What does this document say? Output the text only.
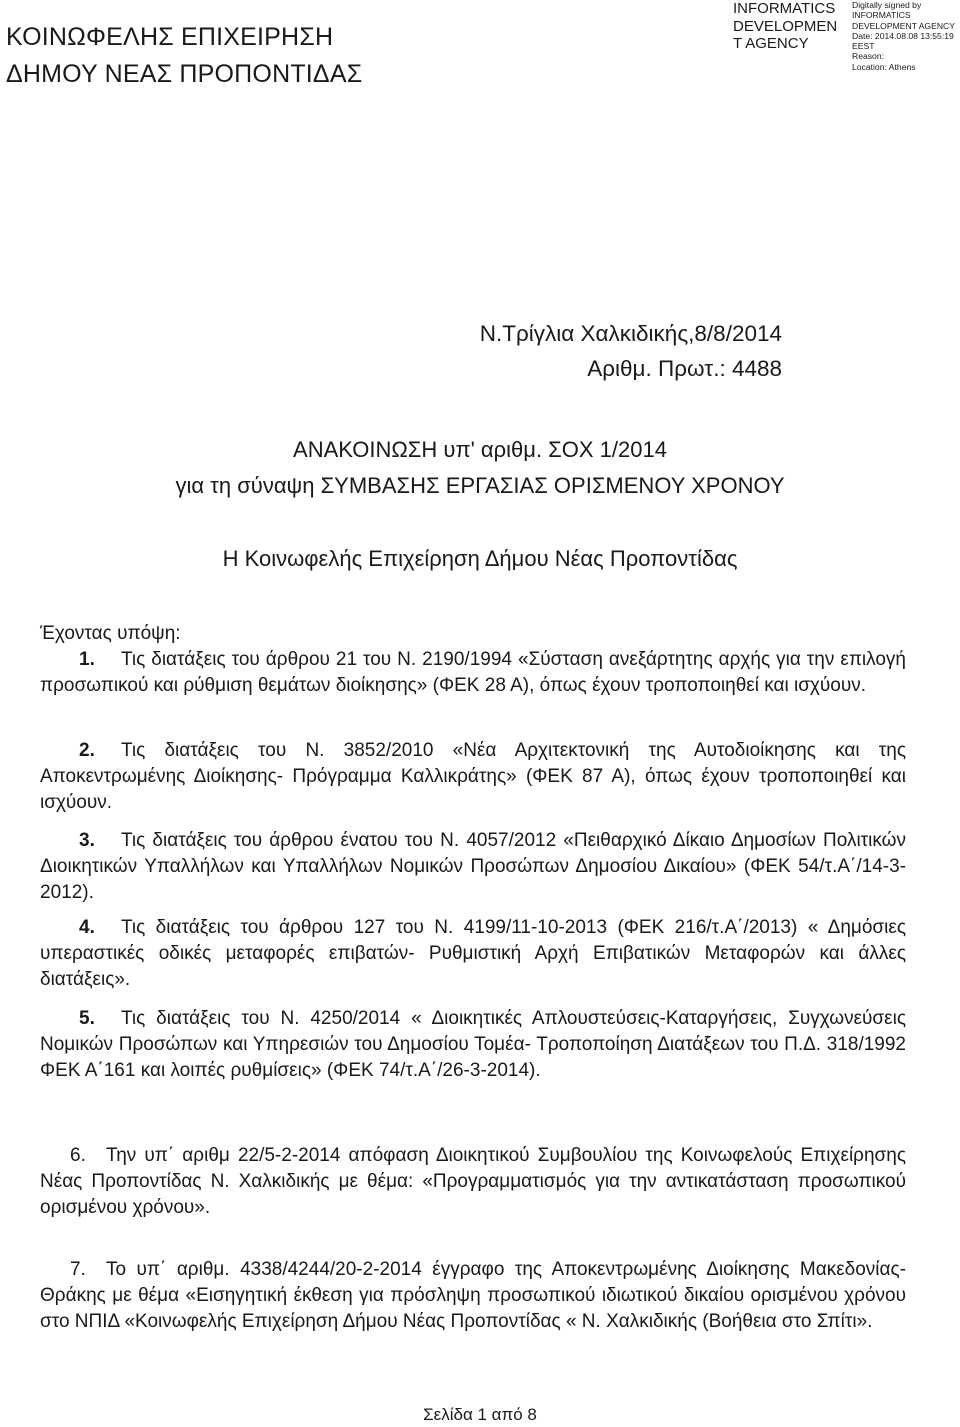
ΚΟΙΝΩΦΕΛΗΣ ΕΠΙΧΕΙΡΗΣΗ
ΔΗΜΟΥ ΝΕΑΣ ΠΡΟΠΟΝΤΙΔΑΣ
INFORMATICS
DEVELOPMEN
T AGENCY
Digitally signed by
INFORMATICS
DEVELOPMENT AGENCY
Date: 2014.08.08 13:55:19
EEST
Reason:
Location: Athens
Ν.Τρίγλια Χαλκιδικής,8/8/2014
Αριθμ. Πρωτ.: 4488
ΑΝΑΚΟΙΝΩΣΗ υπ' αριθμ. ΣΟΧ 1/2014
για τη σύναψη ΣΥΜΒΑΣΗΣ ΕΡΓΑΣΙΑΣ ΟΡΙΣΜΕΝΟΥ ΧΡΟΝΟΥ
Η Κοινωφελής Επιχείρηση Δήμου Νέας Προποντίδας
Έχοντας υπόψη:
1. Τις διατάξεις του άρθρου 21 του Ν. 2190/1994 «Σύσταση ανεξάρτητης αρχής για την επιλογή προσωπικού και ρύθμιση θεμάτων διοίκησης» (ΦΕΚ 28 Α), όπως έχουν τροποποιηθεί και ισχύουν.
2. Τις διατάξεις του Ν. 3852/2010 «Νέα Αρχιτεκτονική της Αυτοδιοίκησης και της Αποκεντρωμένης Διοίκησης- Πρόγραμμα Καλλικράτης» (ΦΕΚ 87 Α), όπως έχουν τροποποιηθεί και ισχύουν.
3. Τις διατάξεις του άρθρου ένατου του Ν. 4057/2012 «Πειθαρχικό Δίκαιο Δημοσίων Πολιτικών Διοικητικών Υπαλλήλων και Υπαλλήλων Νομικών Προσώπων Δημοσίου Δικαίου» (ΦΕΚ 54/τ.Α΄/14-3-2012).
4. Τις διατάξεις του άρθρου 127 του Ν. 4199/11-10-2013 (ΦΕΚ 216/τ.Α΄/2013) « Δημόσιες υπεραστικές οδικές μεταφορές επιβατών- Ρυθμιστική Αρχή Επιβατικών Μεταφορών και άλλες διατάξεις».
5. Τις διατάξεις του Ν. 4250/2014 « Διοικητικές Απλουστεύσεις-Καταργήσεις, Συγχωνεύσεις Νομικών Προσώπων και Υπηρεσιών του Δημοσίου Τομέα- Τροποποίηση Διατάξεων του Π.Δ. 318/1992 ΦΕΚ Α΄161 και λοιπές ρυθμίσεις» (ΦΕΚ 74/τ.Α΄/26-3-2014).
6. Την υπ΄ αριθμ 22/5-2-2014 απόφαση Διοικητικού Συμβουλίου της Κοινωφελούς Επιχείρησης Νέας Προποντίδας Ν. Χαλκιδικής με θέμα: «Προγραμματισμός για την αντικατάσταση προσωπικού ορισμένου χρόνου».
7. Το υπ΄ αριθμ. 4338/4244/20-2-2014 έγγραφο της Αποκεντρωμένης Διοίκησης Μακεδονίας-Θράκης με θέμα «Εισηγητική έκθεση για πρόσληψη προσωπικού ιδιωτικού δικαίου ορισμένου χρόνου στο ΝΠΙΔ «Κοινωφελής Επιχείρηση Δήμου Νέας Προποντίδας « Ν. Χαλκιδικής (Βοήθεια στο Σπίτι».
Σελίδα 1 από 8
